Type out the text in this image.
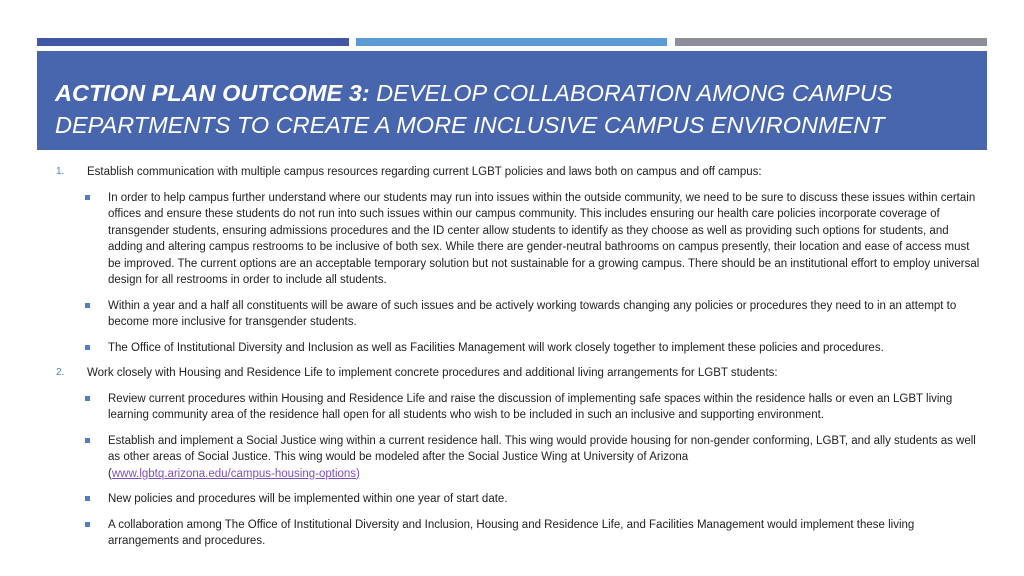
ACTION PLAN OUTCOME 3: DEVELOP COLLABORATION AMONG CAMPUS DEPARTMENTS TO CREATE A MORE INCLUSIVE CAMPUS ENVIRONMENT

1. Establish communication with multiple campus resources regarding current LGBT policies and laws both on campus and off campus:

In order to help campus further understand where our students may run into issues within the outside community, we need to be sure to discuss these issues within certain offices and ensure these students do not run into such issues within our campus community. This includes ensuring our health care policies incorporate coverage of transgender students, ensuring admissions procedures and the ID center allow students to identify as they choose as well as providing such options for students, and adding and altering campus restrooms to be inclusive of both sex. While there are gender-neutral bathrooms on campus presently, their location and ease of access must be improved. The current options are an acceptable temporary solution but not sustainable for a growing campus. There should be an institutional effort to employ universal design for all restrooms in order to include all students.

Within a year and a half all constituents will be aware of such issues and be actively working towards changing any policies or procedures they need to in an attempt to become more inclusive for transgender students.

The Office of Institutional Diversity and Inclusion as well as Facilities Management will work closely together to implement these policies and procedures.

2. Work closely with Housing and Residence Life to implement concrete procedures and additional living arrangements for LGBT students:

Review current procedures within Housing and Residence Life and raise the discussion of implementing safe spaces within the residence halls or even an LGBT living learning community area of the residence hall open for all students who wish to be included in such an inclusive and supporting environment.

Establish and implement a Social Justice wing within a current residence hall. This wing would provide housing for non-gender conforming, LGBT, and ally students as well as other areas of Social Justice. This wing would be modeled after the Social Justice Wing at University of Arizona
(www.lgbtq.arizona.edu/campus-housing-options)

New policies and procedures will be implemented within one year of start date.

A collaboration among The Office of Institutional Diversity and Inclusion, Housing and Residence Life, and Facilities Management would implement these living arrangements and procedures.
